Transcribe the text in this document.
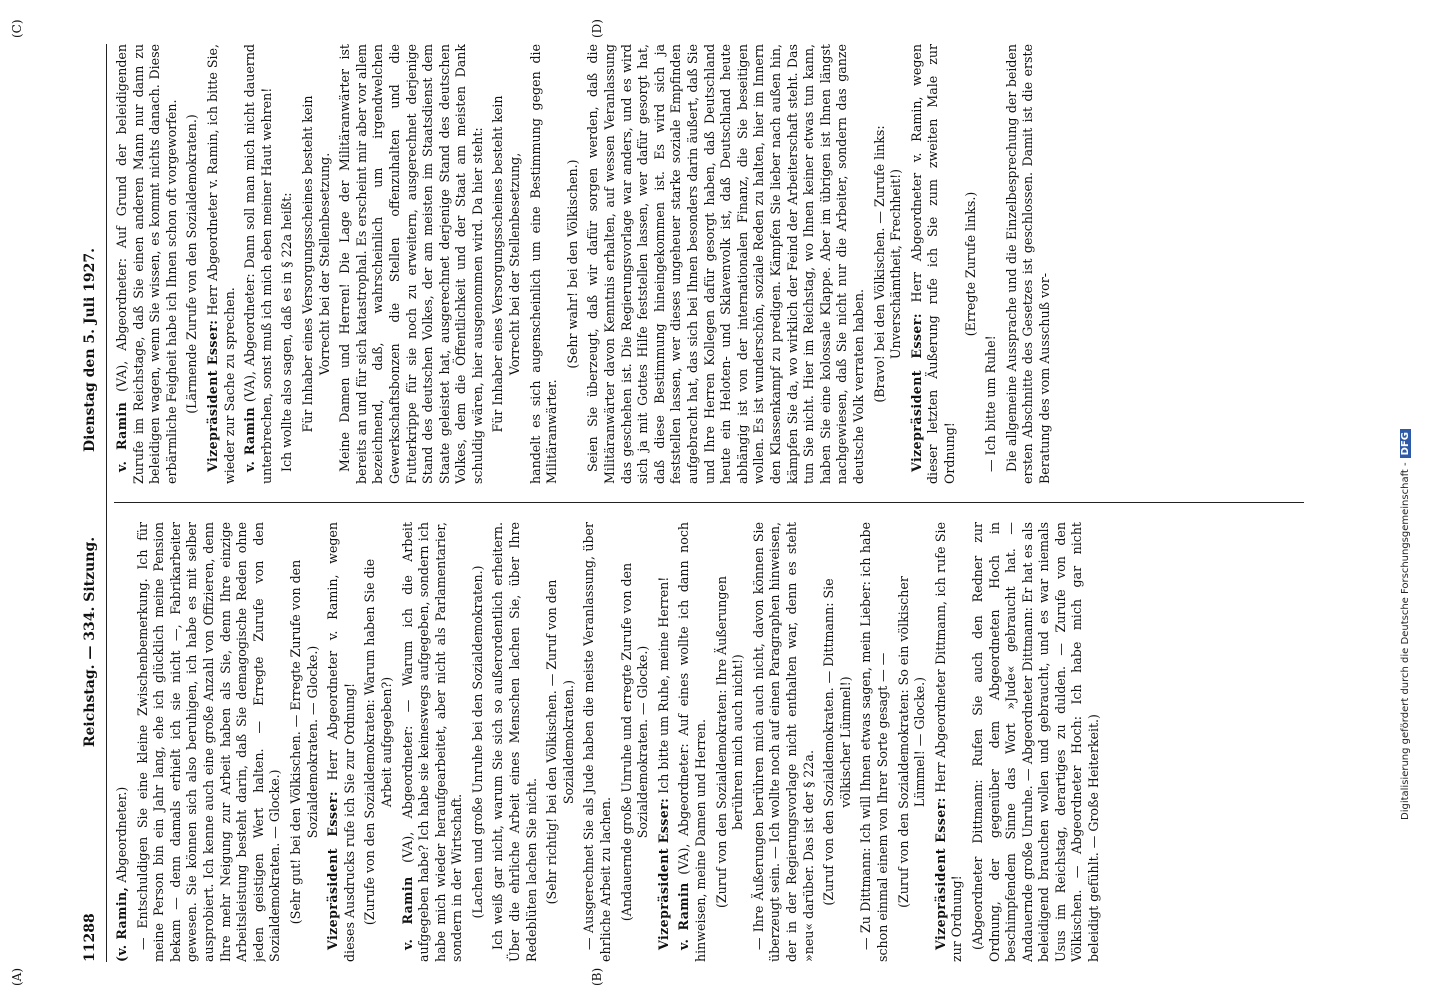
(A)	(B)
(C)	(D)
11288
Reichstag. — 334. Sitzung.
Dienstag den 5. Juli 1927.

(v. Ramin, Abgeordneter.) — Entschuldigen Sie eine kleine Zwischenbemerkung. Ich für meine Person bin ein Jahr lang, ehe ich glücklich meine Pension bekam — denn damals erhielt ich sie nicht —, Fabrikarbeiter gewesen. Sie können sich also beruhigen, ich habe es mit selber ausprobiert. Ich kenne auch eine große Anzahl von Offizieren, denn Ihre mehr Neigung zur Arbeit haben als Sie, denn Ihre einzige Arbeitsleistung besteht darin, daß Sie demagogische Reden ohne jeden geistigen Wert halten. — Erregte Zurufe von den Sozialdemokraten. — Glocke.) (Sehr gut! bei den Völkischen. — Erregte Zurufe von den Sozialdemokraten. — Glocke.)

Vizepräsident Esser: Herr Abgeordneter v. Ramin, wegen dieses Ausdrucks rufe ich Sie zur Ordnung! (Zurufe von den Sozialdemokraten: Warum haben Sie die Arbeit aufgegeben?)

v. Ramin (VA), Abgeordneter: — Warum ich die Arbeit aufgegeben habe? Ich habe sie keineswegs aufgegeben, sondern ich habe mich wieder heraufgearbeitet, aber nicht als Parlamentarier, sondern in der Wirtschaft. (Lachen und große Unruhe bei den Sozialdemokraten.) Ich weiß gar nicht, warum Sie sich so außerordentlich erheitern. Über die ehrliche Arbeit eines Menschen lachen Sie, über Ihre Redeblüten lachen Sie nicht. (Sehr richtig! bei den Völkischen. — Zuruf von den Sozialdemokraten.) — Ausgerechnet Sie als Jude haben die meiste Veranlassung, über ehrliche Arbeit zu lachen. (Andauernde große Unruhe und erregte Zurufe von den Sozialdemokraten. — Glocke.)

Vizepräsident Esser: Ich bitte um Ruhe, meine Herren!

v. Ramin (VA), Abgeordneter: Auf eines wollte ich dann noch hinweisen, meine Damen und Herren. (Zuruf von den Sozialdemokraten: Ihre Äußerungen berühren mich auch nicht!) — Ihre Äußerungen berühren mich auch nicht, davon können Sie überzeugt sein. — Ich wollte noch auf einen Paragraphen hinweisen, der in der Regierungsvorlage nicht enthalten war, denn es steht »neu« darüber. Das ist der § 22a. (Zuruf von den Sozialdemokraten. — Dittmann: Sie völkischer Lümmel!) — Zu Dittmann: Ich will Ihnen etwas sagen, mein Lieber: ich habe schon einmal einem von Ihrer Sorte gesagt — — (Zuruf von den Sozialdemokraten: So ein völkischer Lümmel! — Glocke.)

Vizepräsident Esser: Herr Abgeordneter Dittmann, ich rufe Sie zur Ordnung! (Abgeordneter Dittmann: Rufen Sie auch den Redner zur Ordnung, der gegenüber dem Abgeordneten Hoch in beschimpfendem Sinne das Wort »Jude« gebraucht hat. — Andauernde große Unruhe. — Abgeordneter Dittmann: Er hat es als beleidigend brauchen wollen und gebraucht, und es war niemals Usus im Reichstag, derartiges zu dulden. — Zurufe von den Völkischen. — Abgeordneter Hoch: Ich habe mich gar nicht beleidigt gefühlt. — Große Heiterkeit.)

v. Ramin (VA), Abgeordneter: Auf Grund der beleidigenden Zurufe im Reichstage, daß Sie einen anderen Mann nur dann zu beleidigen wagen, wenn Sie wissen, es kommt nichts danach. Diese erbärmliche Feigheit habe ich Ihnen schon oft vorgeworfen. (Lärmende Zurufe von den Sozialdemokraten.) Vizepräsident Esser: Herr Abgeordneter v. Ramin, ich bitte Sie, wieder zur Sache zu sprechen. v. Ramin (VA), Abgeordneter: Dann soll man mich nicht dauernd unterbrechen, sonst muß ich mich eben meiner Haut wehren! Ich wollte also sagen, daß es in § 22a heißt: Für Inhaber eines Versorgungsscheines besteht kein Vorrecht bei der Stellenbesetzung. Meine Damen und Herren! Die Lage der Militäranwärter ist bereits an und für sich katastrophal. Es erscheint mir aber vor allem bezeichnend, daß, wahrscheinlich um irgendwelchen Gewerkschaftsbonzen die Stellen offenzuhalten und die Futterkrippe für sie noch zu erweitern, ausgerechnet derjenige Stand des deutschen Volkes, der am meisten im Staatsdienst dem Staate geleistet hat, ausgerechnet derjenige Stand des deutschen Volkes, dem die Öffentlichkeit und der Staat am meisten Dank schuldig wären, hier ausgenommen wird. Da hier steht: Für Inhaber eines Versorgungsscheines besteht kein Vorrecht bei der Stellenbesetzung, handelt es sich augenscheinlich um eine Bestimmung gegen die Militäranwärter.

(Sehr wahr! bei den Völkischen.) Seien Sie überzeugt, daß wir dafür sorgen werden, daß die Militäranwärter davon Kenntnis erhalten, auf wessen Veranlassung das geschehen ist. Die Regierungsvorlage war anders, und es wird sich ja mit Gottes Hilfe feststellen lassen, wer dafür gesorgt hat, daß diese Bestimmung hineingekommen ist. Es wird sich ja feststellen lassen, wer dieses ungeheuer starke soziale Empfinden aufgebracht hat, das sich bei Ihnen besonders darin äußert, daß Sie und Ihre Herren Kollegen dafür gesorgt haben, daß Deutschland heute ein Heloten- und Sklavenvolk ist, daß Deutschland heute abhängig ist von der internationalen Finanz, die Sie beseitigen wollen. Es ist wunderschön, soziale Reden zu halten, hier im Innern den Klassenkampf zu predigen. Kämpfen Sie lieber nach außen hin, kämpfen Sie da, wo wirklich der Feind der Arbeiterschaft steht. Das tun Sie nicht. Hier im Reichstag, wo Ihnen keiner etwas tun kann, haben Sie eine kolossale Klappe. Aber im übrigen ist Ihnen längst nachgewiesen, daß Sie nicht nur die Arbeiter, sondern das ganze deutsche Volk verraten haben. (Bravo! bei den Völkischen. — Zurufe links: Unverschämtheit, Frechheit!)

Vizepräsident Esser: Herr Abgeordneter v. Ramin, wegen dieser letzten Äußerung rufe ich Sie zum zweiten Male zur Ordnung!

(Erregte Zurufe links.)

— Ich bitte um Ruhe! Die allgemeine Aussprache und die Einzelbesprechung der beiden ersten Abschnitte des Gesetzes ist geschlossen. Damit ist die erste Beratung des vom Ausschuß vor-

Digitalisierung gefördert durch die Deutsche Forschungsgemeinschaft -DFG
